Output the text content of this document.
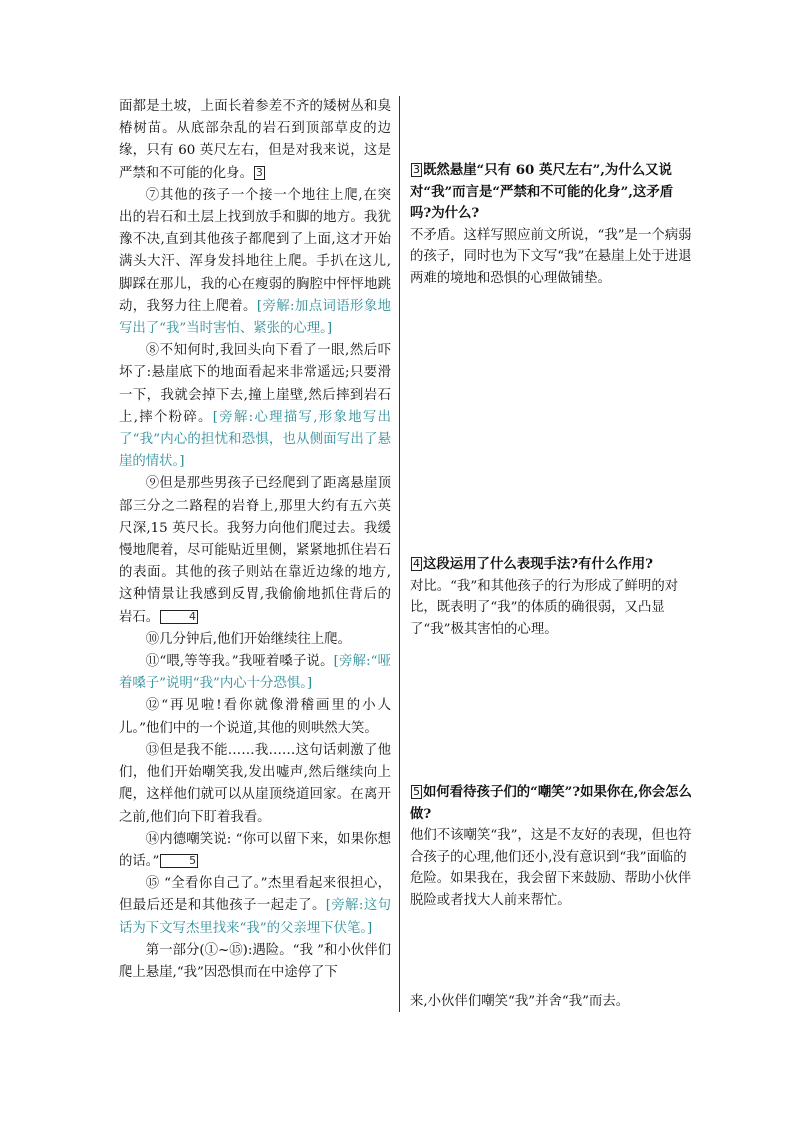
面都是土坡，上面长着参差不齐的矮树丛和臭椿树苗。从底部杂乱的岩石到顶部草皮的边缘，只有 60 英尺左右，但是对我来说，这是严禁和不可能的化身。 3

⑦其他的孩子一个接一个地往上爬,在突出的岩石和土层上找到放手和脚的地方。我犹豫不决,直到其他孩子都爬到了上面,这才开始满头大汗、浑身发抖地往上爬。手扒在这儿,脚踩在那儿，我的心在瘦弱的胸腔中怦怦地跳动，我努力往上爬着。[旁解:加点词语形象地写出了“我”当时害怕、紧张的心理。]

⑧不知何时,我回头向下看了一眼,然后吓坏了:悬崖底下的地面看起来非常遥远;只要滑一下，我就会掉下去,撞上崖壁,然后摔到岩石上,摔个粉碎。[旁解:心理描写,形象地写出了“我”内心的担忧和恐惧，也从侧面写出了悬崖的情状。]

⑨但是那些男孩子已经爬到了距离悬崖顶部三分之二路程的岩脊上,那里大约有五六英尺深,15 英尺长。我努力向他们爬过去。我缓慢地爬着，尽可能贴近里侧，紧紧地抓住岩石的表面。其他的孩子则站在靠近边缘的地方,这种情景让我感到反胃,我偷偷地抓住背后的岩石。	4

⑩几分钟后,他们开始继续往上爬。

⑪“喂,等等我。”我哑着嗓子说。[旁解:“哑着嗓子”说明“我”内心十分恐惧。]

⑫“再见啦!看你就像滑稽画里的小人儿。”他们中的一个说道,其他的则哄然大笑。

⑬但是我不能……我……这句话刺激了他们，他们开始嘲笑我,发出嘘声,然后继续向上爬，这样他们就可以从崖顶绕道回家。在离开之前,他们向下盯着我看。

⑭内德嘲笑说: “你可以留下来，如果你想的话。”	5

⑮ “全看你自己了。”杰里看起来很担心，但最后还是和其他孩子一起走了。[旁解:这句话为下文写杰里找来“我”的父亲埋下伏笔。]

第一部分(①~⑮):遇险。“我 ”和小伙伴们爬上悬崖,“我”因恐惧而在中途停了下

3 既然悬崖“只有 60 英尺左右”,为什么又说对“我”而言是“严禁和不可能的化身”,这矛盾吗?为什么?

不矛盾。这样写照应前文所说，“我”是一个病弱的孩子，同时也为下文写“我”在悬崖上处于进退两难的境地和恐惧的心理做铺垫。

4 这段运用了什么表现手法?有什么作用?

对比。“我”和其他孩子的行为形成了鲜明的对比，既表明了“我”的体质的确很弱，又凸显了“我”极其害怕的心理。

5 如何看待孩子们的“嘲笑”?如果你在,你会怎么做?

他们不该嘲笑“我”，这是不友好的表现，但也符合孩子的心理,他们还小,没有意识到“我”面临的危险。如果我在，我会留下来鼓励、帮助小伙伴脱险或者找大人前来帮忙。

来,小伙伴们嘲笑“我”并舍“我”而去。
